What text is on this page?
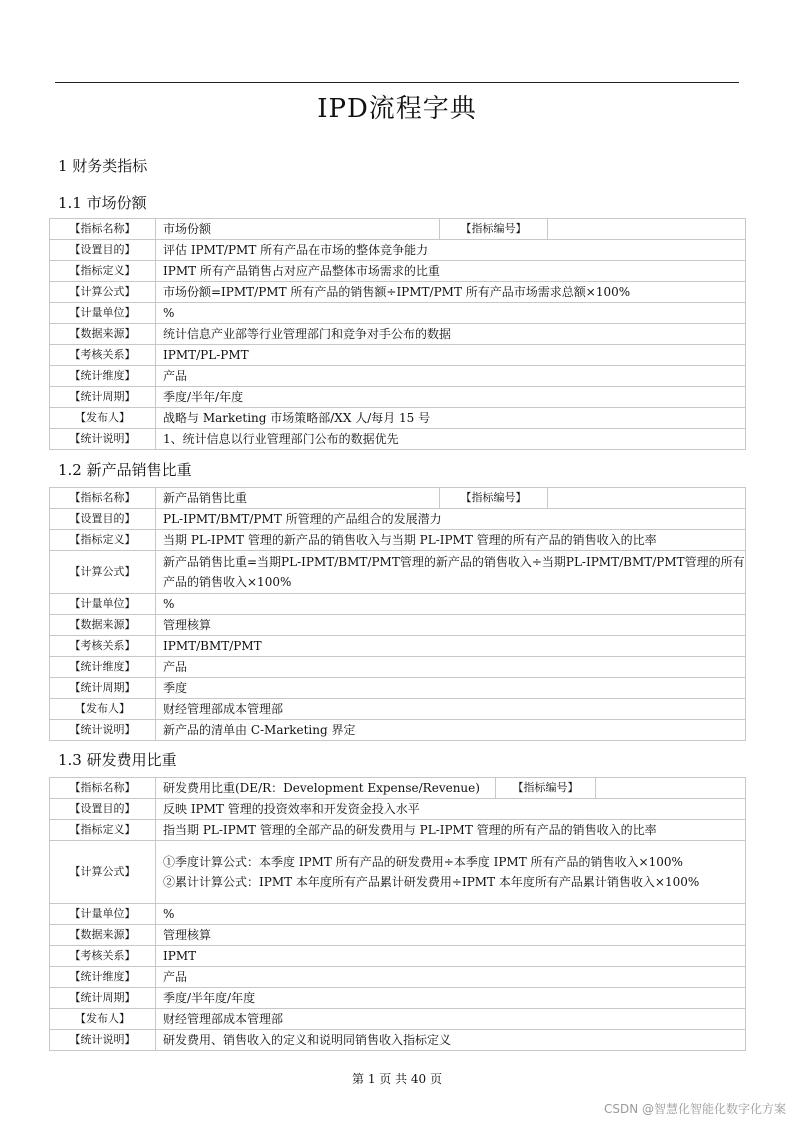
IPD流程字典
1 财务类指标
1.1 市场份额
【指标名称】	市场份额	【指标编号】	
【设置目的】	评估 IPMT/PMT 所有产品在市场的整体竞争能力		
【指标定义】	IPMT 所有产品销售占对应产品整体市场需求的比重		
【计算公式】	市场份额=IPMT/PMT 所有产品的销售额÷IPMT/PMT 所有产品市场需求总额×100%		
【计量单位】	%		
【数据来源】	统计信息产业部等行业管理部门和竞争对手公布的数据		
【考核关系】	IPMT/PL-PMT		
【统计维度】	产品		
【统计周期】	季度/半年/年度		
【发布人】	战略与 Marketing 市场策略部/XX 人/每月 15 号		
【统计说明】	1、统计信息以行业管理部门公布的数据优先		
1.2 新产品销售比重
【指标名称】	新产品销售比重	【指标编号】	
【设置目的】	PL-IPMT/BMT/PMT 所管理的产品组合的发展潜力		
【指标定义】	当期 PL-IPMT 管理的新产品的销售收入与当期 PL-IPMT 管理的所有产品的销售收入的比率		
【计算公式】	新产品销售比重=当期PL-IPMT/BMT/PMT管理的新产品的销售收入÷当期PL-IPMT/BMT/PMT管理的所有产品的销售收入×100%		
【计量单位】	%		
【数据来源】	管理核算		
【考核关系】	IPMT/BMT/PMT		
【统计维度】	产品		
【统计周期】	季度		
【发布人】	财经管理部成本管理部		
【统计说明】	新产品的清单由 C-Marketing 界定		
1.3 研发费用比重
【指标名称】	研发费用比重(DE/R：Development Expense/Revenue)	【指标编号】	
【设置目的】	反映 IPMT 管理的投资效率和开发资金投入水平		
【指标定义】	指当期 PL-IPMT 管理的全部产品的研发费用与 PL-IPMT 管理的所有产品的销售收入的比率		
【计算公式】	①季度计算公式：本季度 IPMT 所有产品的研发费用÷本季度 IPMT 所有产品的销售收入×100%
②累计计算公式：IPMT 本年度所有产品累计研发费用÷IPMT 本年度所有产品累计销售收入×100%		

【计量单位】	%		
【数据来源】	管理核算		
【考核关系】	IPMT		
【统计维度】	产品		
【统计周期】	季度/半年度/年度		
【发布人】	财经管理部成本管理部		
【统计说明】	研发费用、销售收入的定义和说明同销售收入指标定义		
第 1 页 共 40 页
CSDN @智慧化智能化数字化方案
